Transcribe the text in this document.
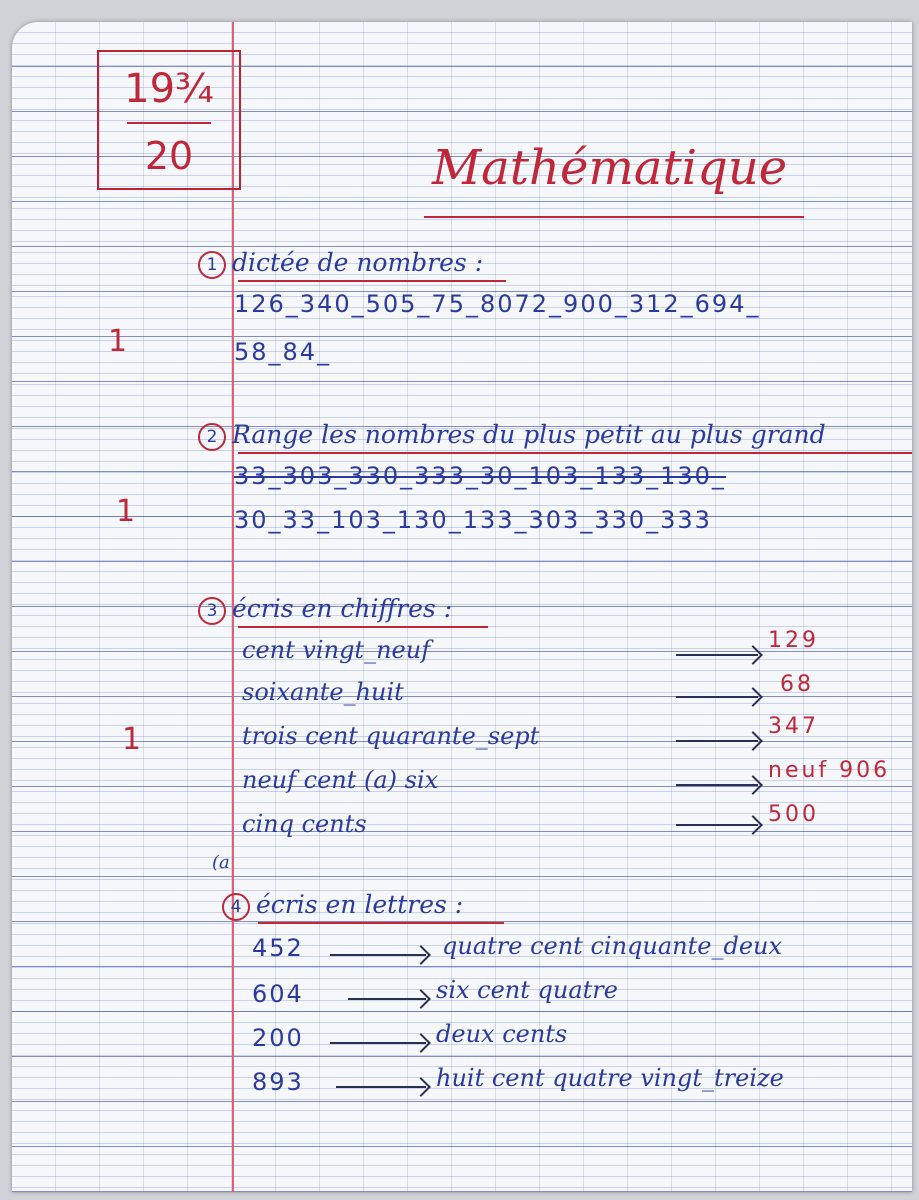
19¾
20	Mathématique
1 dictée de nombres :
126_340_505_75_8072_900_312_694_
58_84_
1
2 Range les nombres du plus petit au plus grand
33_303_330_333_30_103_133_130_
30_33_103_130_133_303_330_333
1
3 écris en chiffres :
cent vingt_neuf	129
soixante_huit	68
trois cent quarante_sept	347
neuf cent (a) six	neuf 906
cinq cents	500
1
(a
4 écris en lettres :
452	quatre cent cinquante_deux
604	six cent quatre
200	deux cents
893	huit cent quatre vingt_treize
